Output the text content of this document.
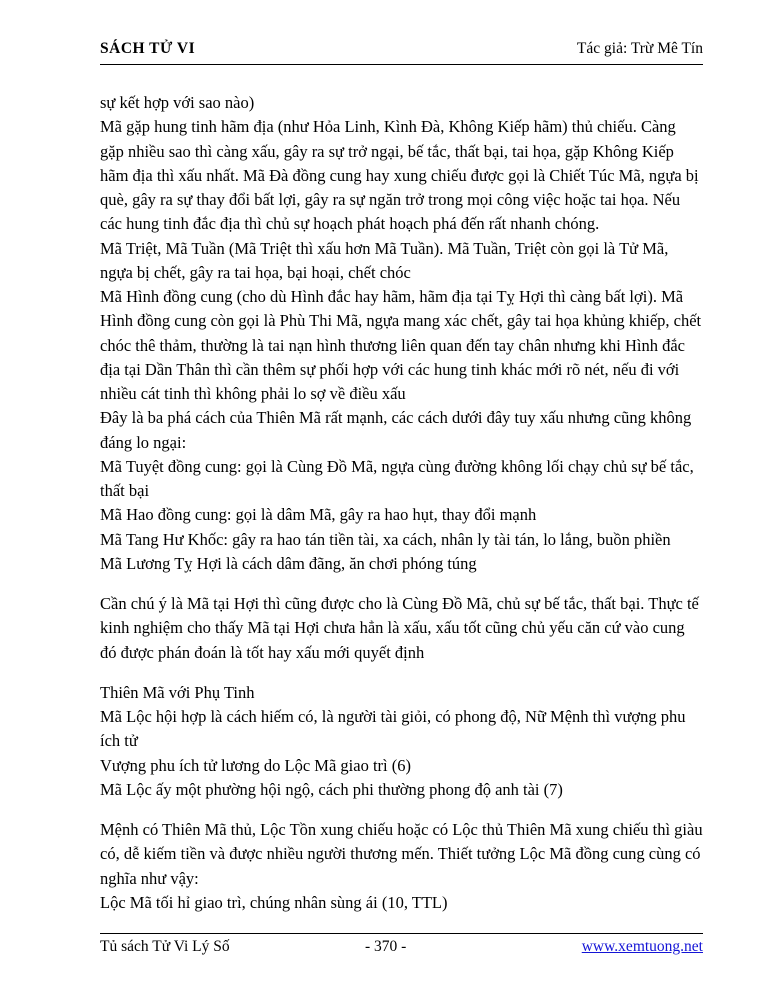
SÁCH TỬ VI	Tác giả: Trừ Mê Tín

sự kết hợp với sao nào)

Mã gặp hung tinh hãm địa (như Hỏa Linh, Kình Đà, Không Kiếp hãm) thủ chiếu. Càng gặp nhiều sao thì càng xấu, gây ra sự trở ngại, bế tắc, thất bại, tai họa, gặp Không Kiếp hãm địa thì xấu nhất. Mã Đà đồng cung hay xung chiếu được gọi là Chiết Túc Mã, ngựa bị què, gây ra sự thay đổi bất lợi, gây ra sự ngăn trở trong mọi công việc hoặc tai họa. Nếu các hung tinh đắc địa thì chủ sự hoạch phát hoạch phá đến rất nhanh chóng.

Mã Triệt, Mã Tuần (Mã Triệt thì xấu hơn Mã Tuần). Mã Tuần, Triệt còn gọi là Tử Mã, ngựa bị chết, gây ra tai họa, bại hoại, chết chóc

Mã Hình đồng cung (cho dù Hình đắc hay hãm, hãm địa tại Tỵ Hợi thì càng bất lợi). Mã Hình đồng cung còn gọi là Phù Thi Mã, ngựa mang xác chết, gây tai họa khủng khiếp, chết chóc thê thảm, thường là tai nạn hình thương liên quan đến tay chân nhưng khi Hình đắc địa tại Dần Thân thì cần thêm sự phối hợp với các hung tinh khác mới rõ nét, nếu đi với nhiều cát tinh thì không phải lo sợ về điều xấu

Đây là ba phá cách của Thiên Mã rất mạnh, các cách dưới đây tuy xấu nhưng cũng không đáng lo ngại:

Mã Tuyệt đồng cung: gọi là Cùng Đồ Mã, ngựa cùng đường không lối chạy chủ sự bế tắc, thất bại

Mã Hao đồng cung: gọi là dâm Mã, gây ra hao hụt, thay đổi mạnh

Mã Tang Hư Khốc: gây ra hao tán tiền tài, xa cách, nhân ly tài tán, lo lắng, buồn phiền

Mã Lương Tỵ Hợi là cách dâm đãng, ăn chơi phóng túng

Cần chú ý là Mã tại Hợi thì cũng được cho là Cùng Đồ Mã, chủ sự bế tắc, thất bại. Thực tế kinh nghiệm cho thấy Mã tại Hợi chưa hẳn là xấu, xấu tốt cũng chủ yếu căn cứ vào cung đó được phán đoán là tốt hay xấu mới quyết định

Thiên Mã với Phụ Tinh

Mã Lộc hội hợp là cách hiếm có, là người tài giỏi, có phong độ, Nữ Mệnh thì vượng phu ích tử

Vượng phu ích tử lương do Lộc Mã giao trì (6)

Mã Lộc ấy một phường hội ngộ, cách phi thường phong độ anh tài (7)

Mệnh có Thiên Mã thủ, Lộc Tồn xung chiếu hoặc có Lộc thủ Thiên Mã xung chiếu thì giàu có, dễ kiếm tiền và được nhiều người thương mến. Thiết tưởng Lộc Mã đồng cung cùng có nghĩa như vậy:

Lộc Mã tối hỉ giao trì, chúng nhân sùng ái (10, TTL)

Tủ sách Tử Vi Lý Số	- 370 -	www.xemtuong.net
